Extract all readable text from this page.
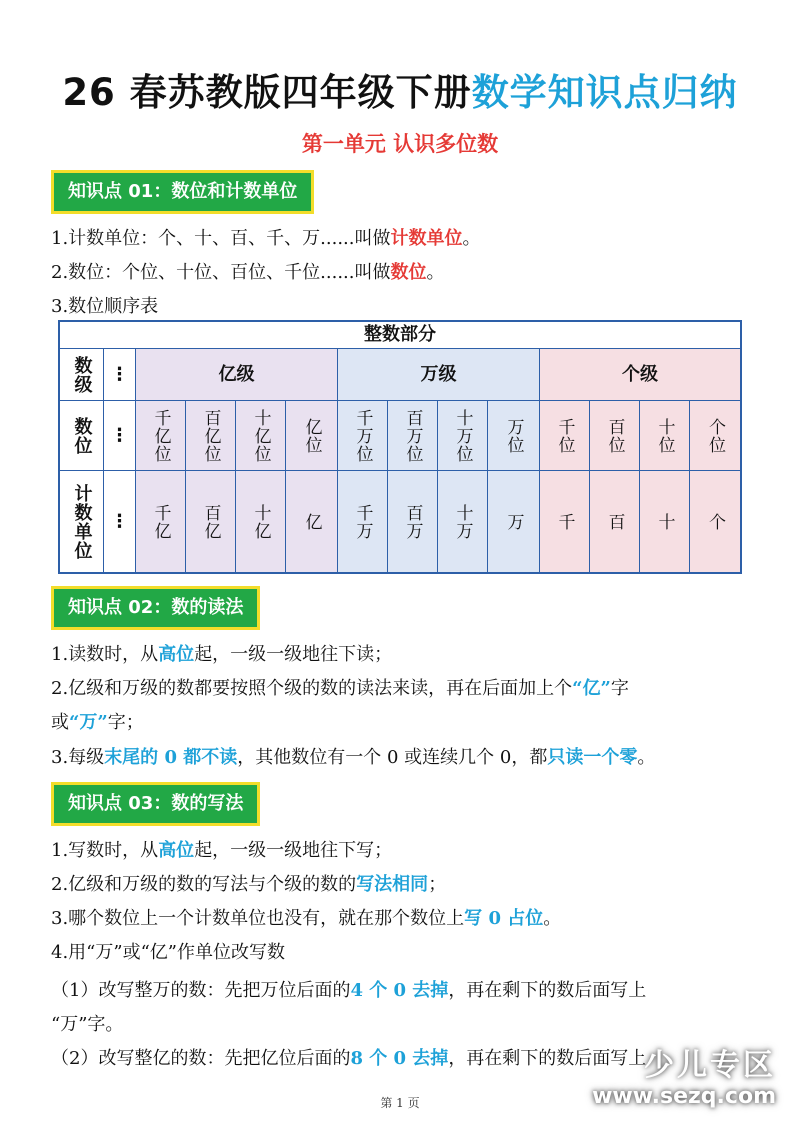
26 春苏教版四年级下册数学知识点归纳
第一单元 认识多位数
知识点 01：数位和计数单位
1.计数单位：个、十、百、千、万......叫做计数单位。
2.数位：个位、十位、百位、千位......叫做数位。
3.数位顺序表
整数部分
数级
数位
计数单位
⋮
⋮
⋮
亿级	万级	个级
千亿位
千亿
百亿位
百亿
十亿位
十亿
亿位
亿
千万位
千万
百万位
百万
十万位
十万
万位
万
千位
千
百位
百
十位
十
个位
个
知识点 02：数的读法
1.读数时，从高位起，一级一级地往下读；
2.亿级和万级的数都要按照个级的数的读法来读，再在后面加上个“亿”字
或“万”字；
3.每级末尾的 0 都不读，其他数位有一个 0 或连续几个 0，都只读一个零。
知识点 03：数的写法
1.写数时，从高位起，一级一级地往下写；
2.亿级和万级的数的写法与个级的数的写法相同；
3.哪个数位上一个计数单位也没有，就在那个数位上写 0 占位。
4.用“万”或“亿”作单位改写数
（1）改写整万的数：先把万位后面的4 个 0 去掉，再在剩下的数后面写上
“万”字。
（2）改写整亿的数：先把亿位后面的8 个 0 去掉，再在剩下的数后面写上
第 1 页
少儿专区
www.sezq.com
